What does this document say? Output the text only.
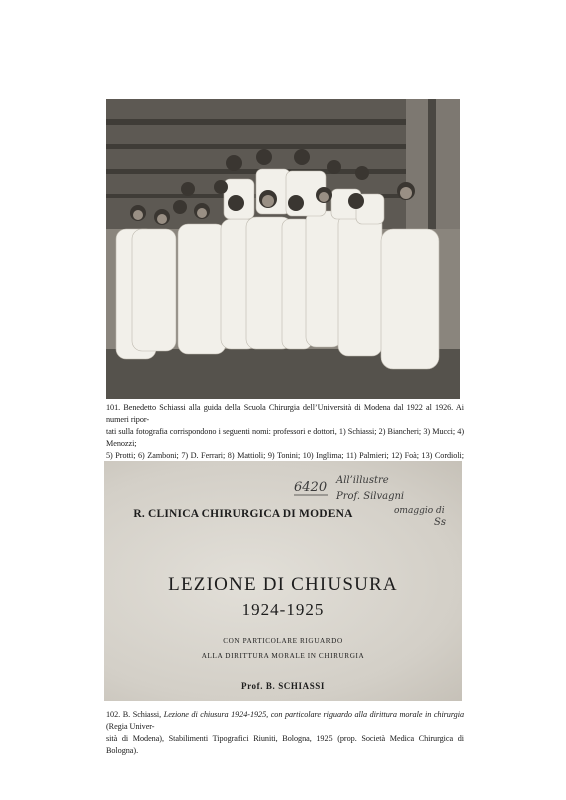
101. Benedetto Schiassi alla guida della Scuola Chirurgia dell’Università di Modena dal 1922 al 1926. Ai numeri ripor-
tati sulla fotografia corrispondono i seguenti nomi: professori e dottori, 1) Schiassi; 2) Biancheri; 3) Mucci; 4) Menozzi;
5) Protti; 6) Zamboni; 7) D. Ferrari; 8) Mattioli; 9) Tonini; 10) Inglima; 11) Palmieri; 12) Foà; 13) Cordioli;
6420 All’illustre
Prof. Silvagni
omaggio di
Ss
R. CLINICA CHIRURGICA DI MODENA
LEZIONE DI CHIUSURA
1924-1925
CON PARTICOLARE RIGUARDO
ALLA DIRITTURA MORALE IN CHIRURGIA
Prof. B. SCHIASSI
102. B. Schiassi, Lezione di chiusura 1924-1925, con particolare riguardo alla dirittura morale in chirurgia (Regia Univer-
sità di Modena), Stabilimenti Tipografici Riuniti, Bologna, 1925 (prop. Società Medica Chirurgica di Bologna).
